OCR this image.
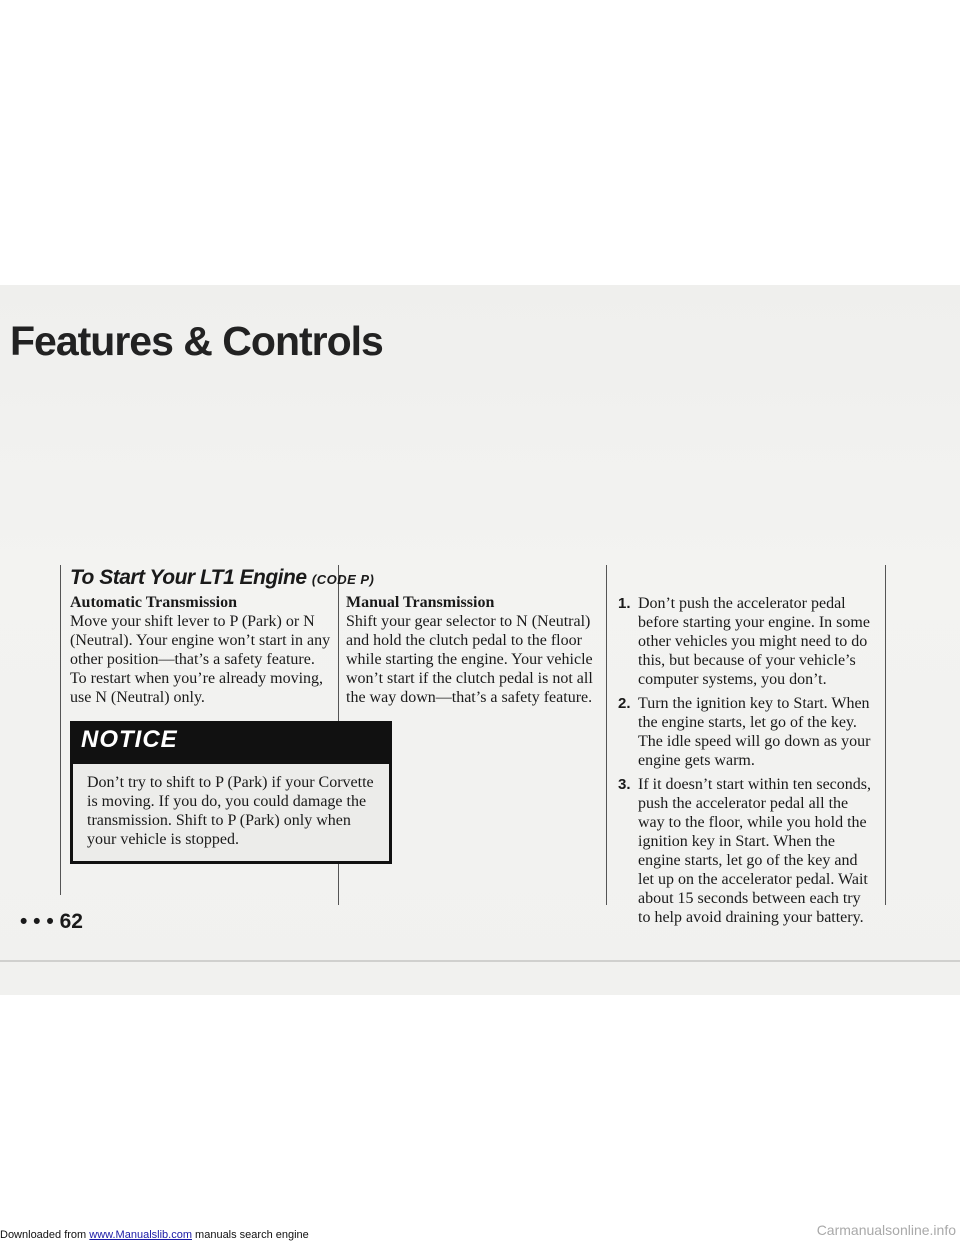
Features & Controls
To Start Your LT1 Engine (CODE P)

Automatic Transmission

Move your shift lever to P (Park) or N (Neutral). Your engine won’t start in any other position—that’s a safety feature. To restart when you’re already moving, use N (Neutral) only.

NOTICE
Don’t try to shift to P (Park) if your Corvette is moving. If you do, you could damage the transmission. Shift to P (Park) only when your vehicle is stopped.

Manual Transmission

Shift your gear selector to N (Neutral) and hold the clutch pedal to the floor while starting the engine. Your vehicle won’t start if the clutch pedal is not all the way down—that’s a safety feature.

1. Don’t push the accelerator pedal before starting your engine. In some other vehicles you might need to do this, but because of your vehicle’s computer systems, you don’t.
2. Turn the ignition key to Start. When the engine starts, let go of the key. The idle speed will go down as your engine gets warm.
3. If it doesn’t start within ten seconds, push the accelerator pedal all the way to the floor, while you hold the ignition key in Start. When the engine starts, let go of the key and let up on the accelerator pedal. Wait about 15 seconds between each try to help avoid draining your battery.
• • • 62
Downloaded from www.Manualslib.com manuals search engine	Carmanualsonline.info
